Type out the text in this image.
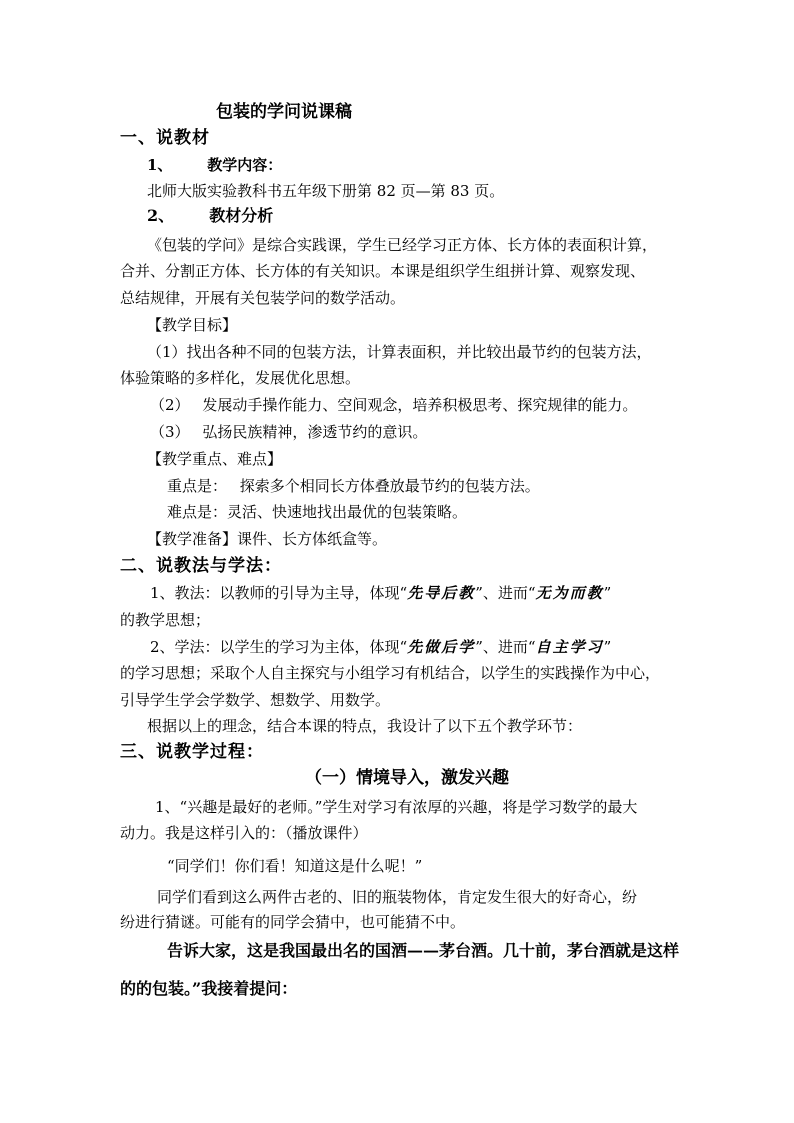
包装的学问说课稿
一、说教材
1、 教学内容：
北师大版实验教科书五年级下册第 82 页—第 83 页。
2、 教材分析
《包装的学问》是综合实践课，学生已经学习正方体、长方体的表面积计算，
合并、分割正方体、长方体的有关知识。本课是组织学生组拼计算、观察发现、
总结规律，开展有关包装学问的数学活动。
【教学目标】
（1）找出各种不同的包装方法，计算表面积，并比较出最节约的包装方法，
体验策略的多样化，发展优化思想。
（2） 发展动手操作能力、空间观念，培养积极思考、探究规律的能力。
（3） 弘扬民族精神，渗透节约的意识。
【教学重点、难点】
重点是： 探索多个相同长方体叠放最节约的包装方法。
难点是：灵活、快速地找出最优的包装策略。
【教学准备】课件、长方体纸盒等。
二、说教法与学法：
1、教法：以教师的引导为主导，体现“先导后教”、进而“无为而教”
的教学思想；
2、学法：以学生的学习为主体，体现“先做后学”、进而“自主学习”
的学习思想；采取个人自主探究与小组学习有机结合，以学生的实践操作为中心，
引导学生学会学数学、想数学、用数学。
根据以上的理念，结合本课的特点，我设计了以下五个教学环节：
三、说教学过程：
（一）情境导入，激发兴趣
1、“兴趣是最好的老师。”学生对学习有浓厚的兴趣，将是学习数学的最大
动力。我是这样引入的：（播放课件）
“同学们！你们看！知道这是什么呢！”
同学们看到这么两件古老的、旧的瓶装物体，肯定发生很大的好奇心，纷
纷进行猜谜。可能有的同学会猜中，也可能猜不中。
告诉大家，这是我国最出名的国酒——茅台酒。几十前，茅台酒就是这样
的的包装。”我接着提问：
